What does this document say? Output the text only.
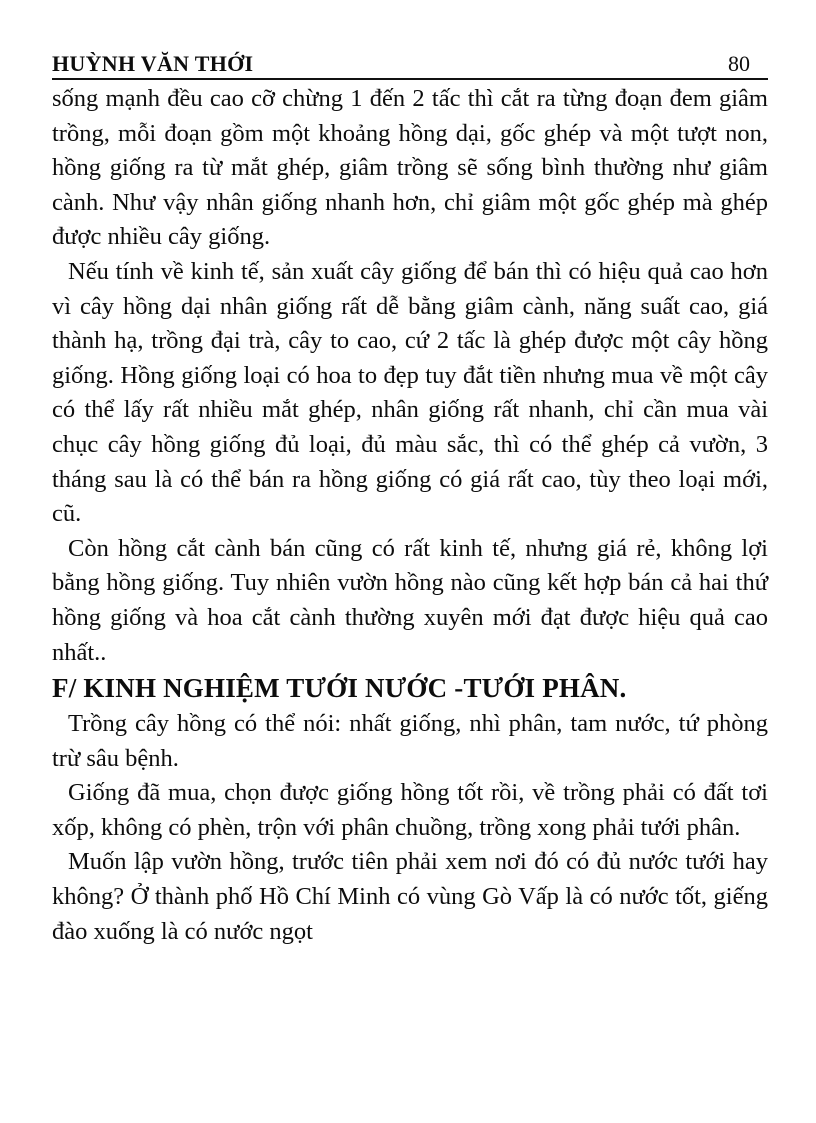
HUỲNH VĂN THỚI	80

sống mạnh đều cao cỡ chừng 1 đến 2 tấc thì cắt ra từng đoạn đem giâm trồng, mỗi đoạn gồm một khoảng hồng dại, gốc ghép và một tượt non, hồng giống ra từ mắt ghép, giâm trồng sẽ sống bình thường như giâm cành. Như vậy nhân giống nhanh hơn, chỉ giâm một gốc ghép mà ghép được nhiều cây giống.

Nếu tính về kinh tế, sản xuất cây giống để bán thì có hiệu quả cao hơn vì cây hồng dại nhân giống rất dễ bằng giâm cành, năng suất cao, giá thành hạ, trồng đại trà, cây to cao, cứ 2 tấc là ghép được một cây hồng giống. Hồng giống loại có hoa to đẹp tuy đắt tiền nhưng mua về một cây có thể lấy rất nhiều mắt ghép, nhân giống rất nhanh, chỉ cần mua vài chục cây hồng giống đủ loại, đủ màu sắc, thì có thể ghép cả vườn, 3 tháng sau là có thể bán ra hồng giống có giá rất cao, tùy theo loại mới, cũ.

Còn hồng cắt cành bán cũng có rất kinh tế, nhưng giá rẻ, không lợi bằng hồng giống. Tuy nhiên vườn hồng nào cũng kết hợp bán cả hai thứ hồng giống và hoa cắt cành thường xuyên mới đạt được hiệu quả cao nhất..

F/ KINH NGHIỆM TƯỚI NƯỚC -TƯỚI PHÂN.

Trồng cây hồng có thể nói: nhất giống, nhì phân, tam nước, tứ phòng trừ sâu bệnh.

Giống đã mua, chọn được giống hồng tốt rồi, về trồng phải có đất tơi xốp, không có phèn, trộn với phân chuồng, trồng xong phải tưới phân.

Muốn lập vườn hồng, trước tiên phải xem nơi đó có đủ nước tưới hay không? Ở thành phố Hồ Chí Minh có vùng Gò Vấp là có nước tốt, giếng đào xuống là có nước ngọt
